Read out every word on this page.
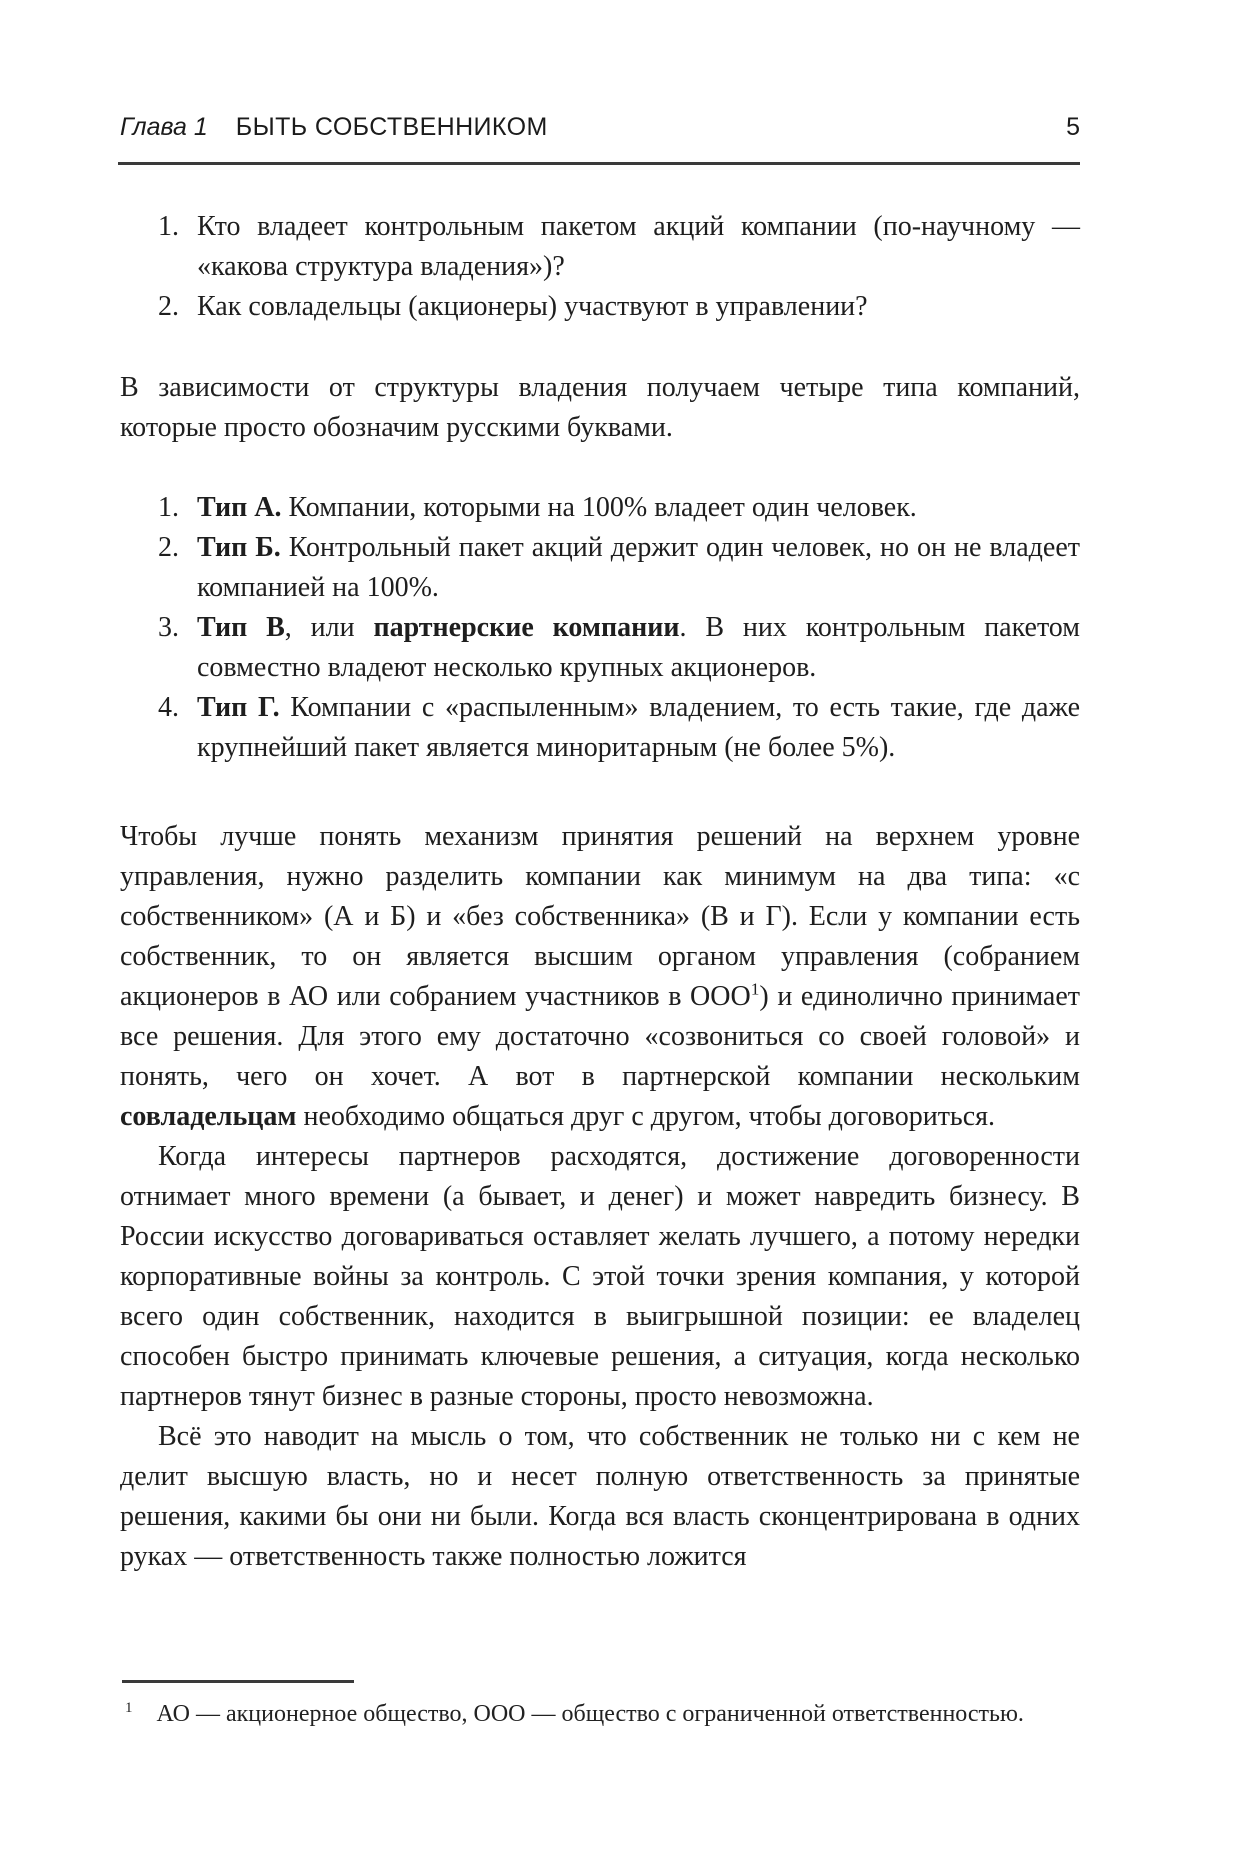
Глава 1 БЫТЬ СОБСТВЕННИКОМ	5
1. Кто владеет контрольным пакетом акций компании (по-научному — «какова структура владения»)?
2. Как совладельцы (акционеры) участвуют в управлении?
В зависимости от структуры владения получаем четыре типа компаний, которые просто обозначим русскими буквами.
1. Тип А. Компании, которыми на 100% владеет один человек.
2. Тип Б. Контрольный пакет акций держит один человек, но он не владеет компанией на 100%.
3. Тип В, или партнерские компании. В них контрольным пакетом совместно владеют несколько крупных акционеров.
4. Тип Г. Компании с «распыленным» владением, то есть такие, где даже крупнейший пакет является миноритарным (не более 5%).

Чтобы лучше понять механизм принятия решений на верхнем уровне управления, нужно разделить компании как минимум на два типа: «с собственником» (А и Б) и «без собственника» (В и Г). Если у компании есть собственник, то он является высшим органом управления (собранием акционеров в АО или собранием участников в ООО$^1$) и единолично принимает все решения. Для этого ему достаточно «созвониться со своей головой» и понять, чего он хочет. А вот в партнерской компании нескольким совладельцам необходимо общаться друг с другом, чтобы договориться.

Когда интересы партнеров расходятся, достижение договоренности отнимает много времени (а бывает, и денег) и может навредить бизнесу. В России искусство договариваться оставляет желать лучшего, а потому нередки корпоративные войны за контроль. С этой точки зрения компания, у которой всего один собственник, находится в выигрышной позиции: ее владелец способен быстро принимать ключевые решения, а ситуация, когда несколько партнеров тянут бизнес в разные стороны, просто невозможна.

Всё это наводит на мысль о том, что собственник не только ни с кем не делит высшую власть, но и несет полную ответственность за принятые решения, какими бы они ни были. Когда вся власть сконцентрирована в одних руках — ответственность также полностью ложится

$^1$ АО — акционерное общество, ООО — общество с ограниченной ответственностью.
